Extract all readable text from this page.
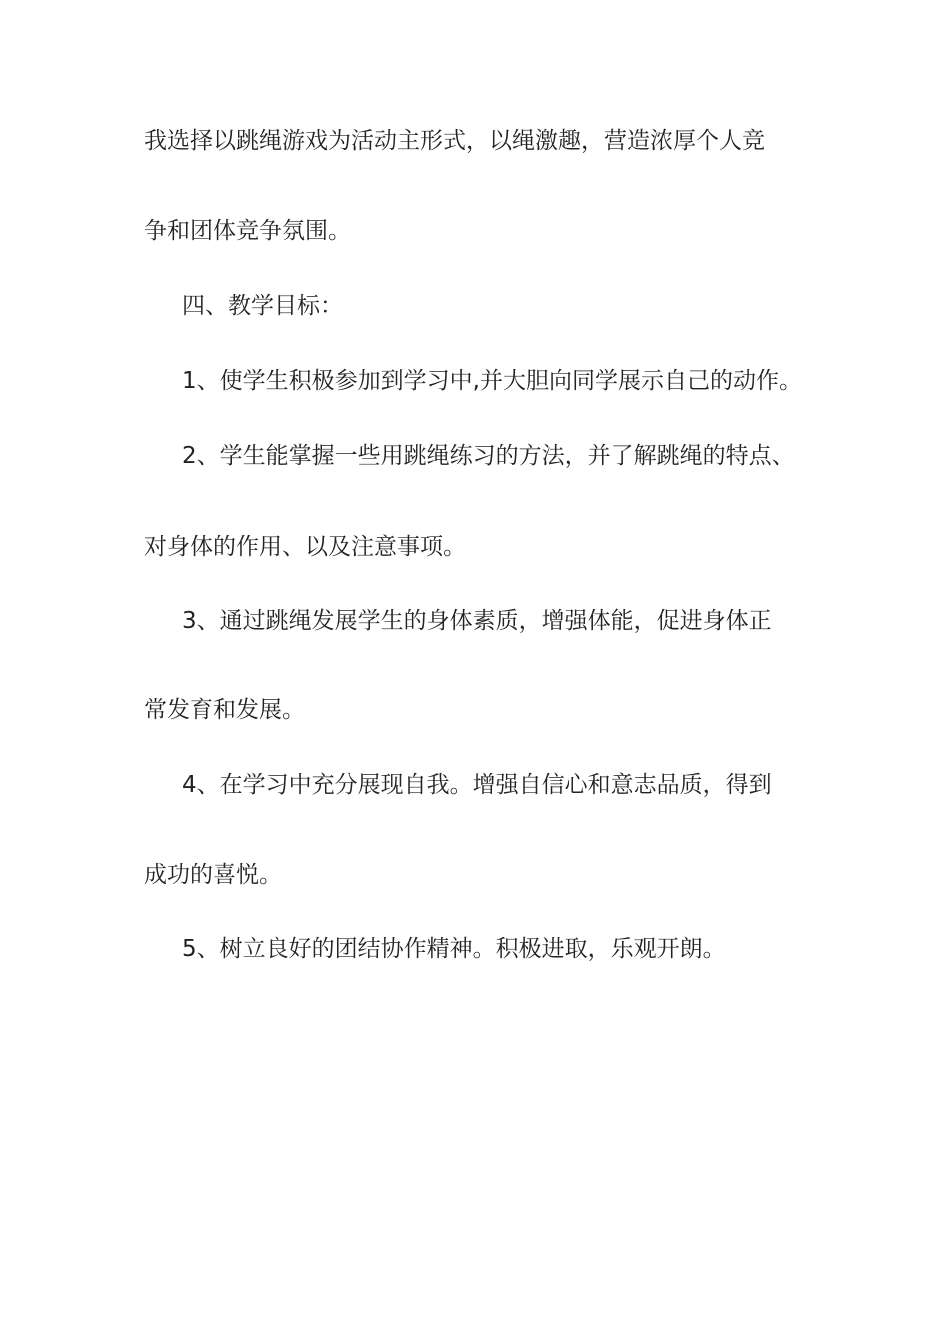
我选择以跳绳游戏为活动主形式，以绳激趣，营造浓厚个人竞
争和团体竞争氛围。
四、教学目标：
1、使学生积极参加到学习中,并大胆向同学展示自己的动作。
2、学生能掌握一些用跳绳练习的方法，并了解跳绳的特点、
对身体的作用、以及注意事项。
3、通过跳绳发展学生的身体素质，增强体能，促进身体正
常发育和发展。
4、在学习中充分展现自我。增强自信心和意志品质，得到
成功的喜悦。
5、树立良好的团结协作精神。积极进取，乐观开朗。
